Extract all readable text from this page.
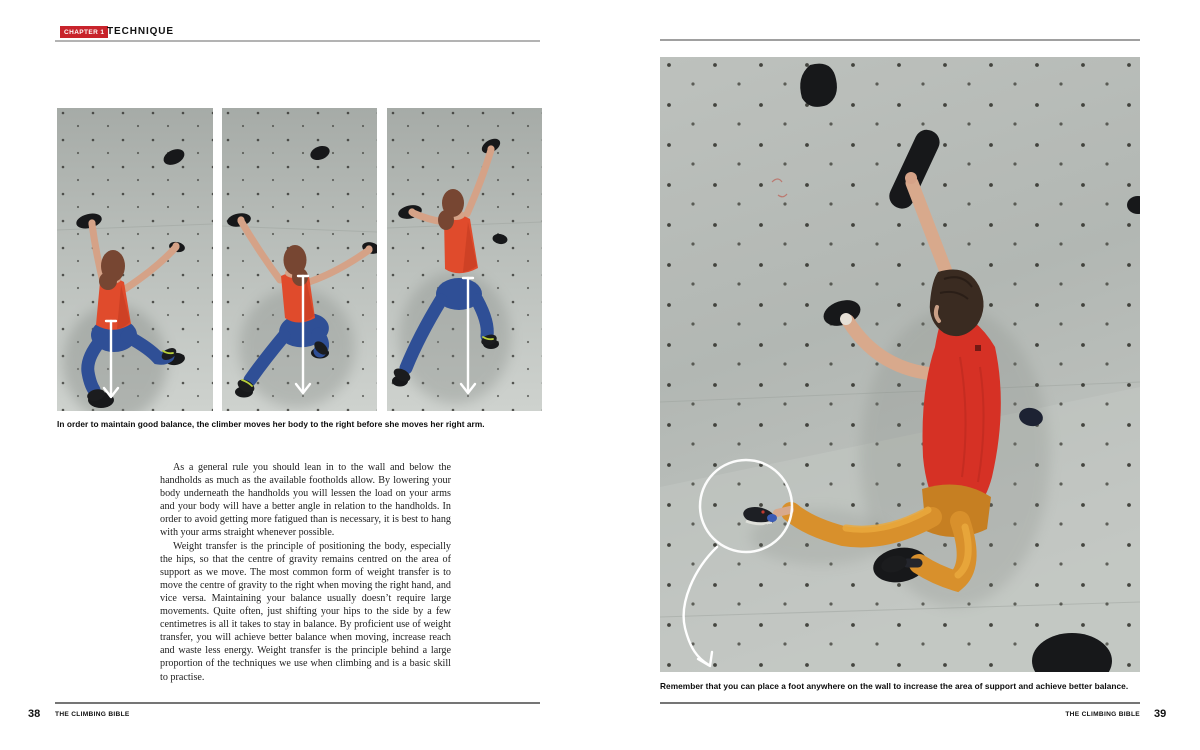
CHAPTER 1 TECHNIQUE
In order to maintain good balance, the climber moves her body to the right before she moves her right arm.

As a general rule you should lean in to the wall and below the handholds as much as the available footholds allow. By lowering your body underneath the handholds you will lessen the load on your arms and your body will have a better angle in relation to the handholds. In order to avoid getting more fatigued than is necessary, it is best to hang with your arms straight whenever possible.

Weight transfer is the principle of positioning the body, especially the hips, so that the centre of gravity remains centred on the area of support as we move. The most common form of weight transfer is to move the centre of gravity to the right when moving the right hand, and vice versa. Maintaining your balance usually doesn’t require large movements. Quite often, just shifting your hips to the side by a few centimetres is all it takes to stay in balance. By proficient use of weight transfer, you will achieve better balance when moving, increase reach and waste less energy. Weight transfer is the principle behind a large proportion of the techniques we use when climbing and is a basic skill to practise.

38 THE CLIMBING BIBLE
Remember that you can place a foot anywhere on the wall to increase the area of support and achieve better balance.
THE CLIMBING BIBLE 39
